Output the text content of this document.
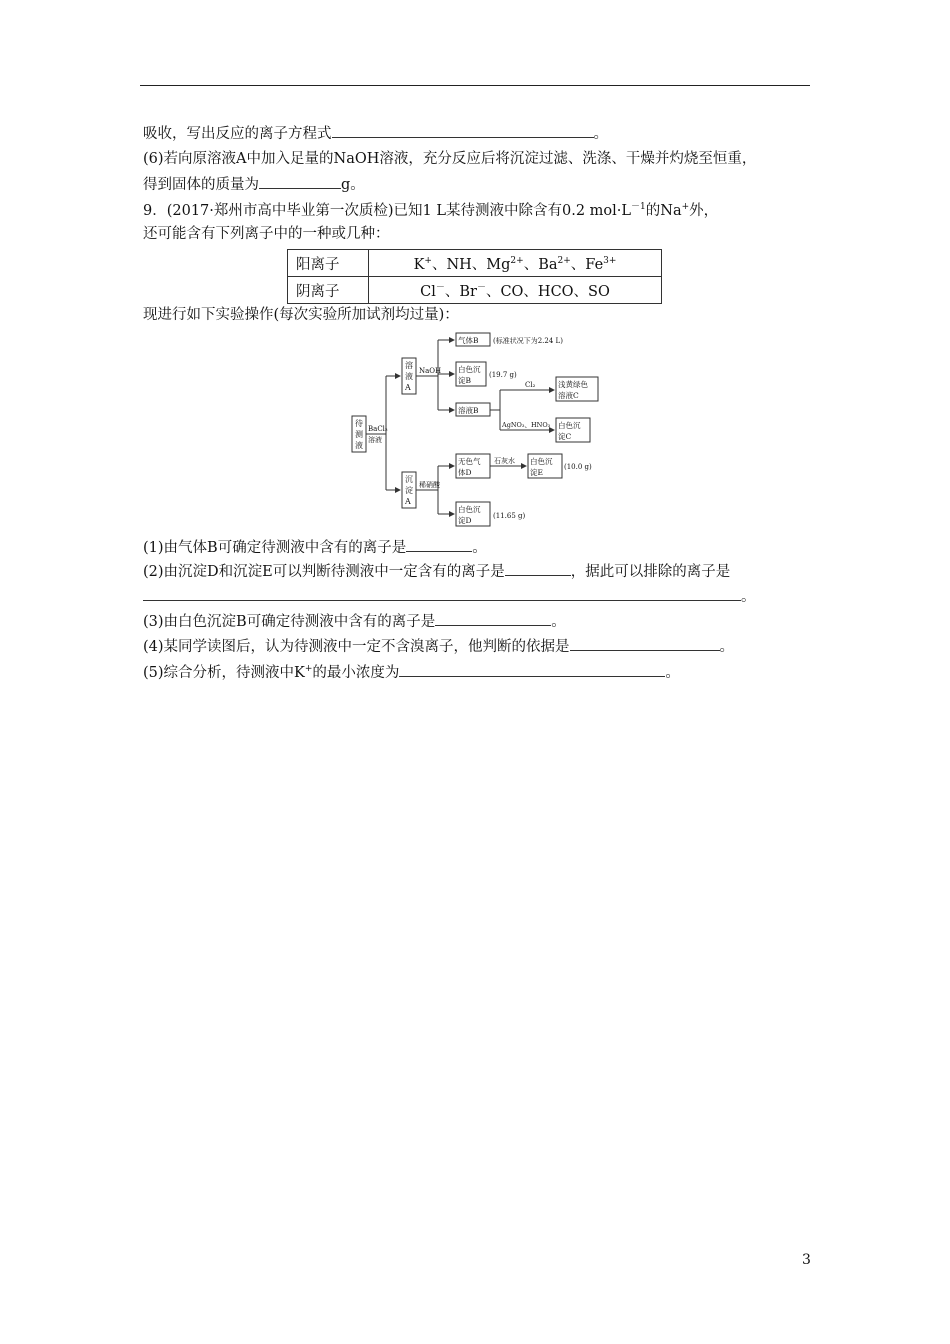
吸收，写出反应的离子方程式	。
(6)若向原溶液A中加入足量的NaOH溶液，充分反应后将沉淀过滤、洗涤、干燥并灼烧至恒重，
得到固体的质量为	g。
9．(2017·郑州市高中毕业第一次质检)已知1 L某待测液中除含有0.2 $mol\cdot L^{-1}$的Na+外，
还可能含有下列离子中的一种或几种：
阳离子	K+、NH、$Mg^{2+}$、$Ba^{2+}$、$Fe^{3+}$
阴离子	Cl－、Br－、CO、HCO、SO
现进行如下实验操作(每次实验所加试剂均过量)：
待
测
液
BaCl₂
溶液
溶
液
A
NaOH
气体B (标准状况下为2.24 L)
白色沉
淀B
(19.7 g)
溶液B
Cl₂	浅黄绿色
溶液C
AgNO₃、HNO₃ 白色沉
淀C
沉
淀
A
稀硝酸
无色气
体D
石灰水 白色沉
淀E
(10.0 g)
白色沉
淀D	(11.65 g)
(1)由气体B可确定待测液中含有的离子是	。
(2)由沉淀D和沉淀E可以判断待测液中一定含有的离子是	，据此可以排除的离子是
。
(3)由白色沉淀B可确定待测液中含有的离子是	。
(4)某同学读图后，认为待测液中一定不含溴离子，他判断的依据是	。
(5)综合分析，待测液中K+的最小浓度为	。
3
